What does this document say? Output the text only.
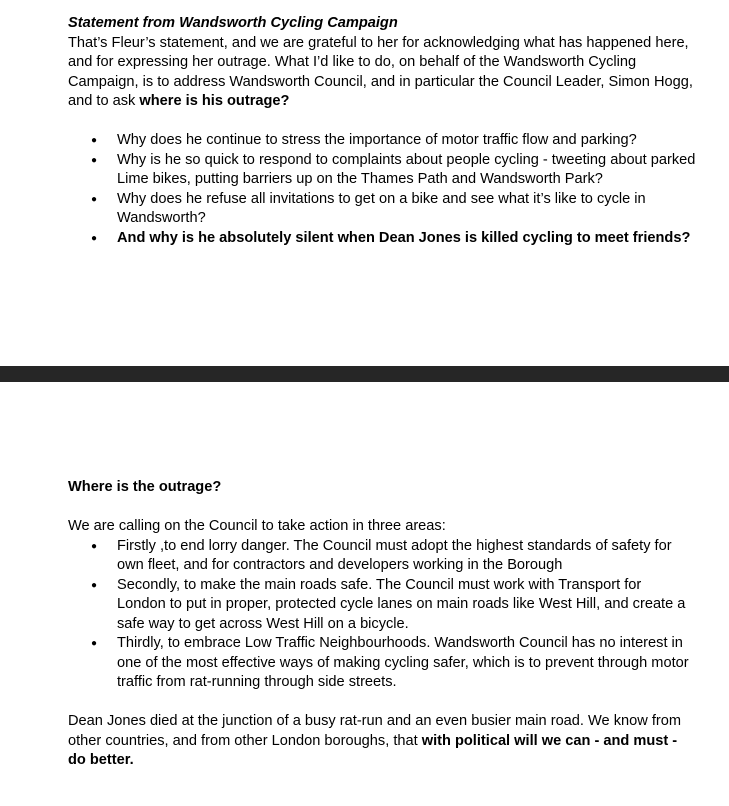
Statement from Wandsworth Cycling Campaign

That’s Fleur’s statement, and we are grateful to her for acknowledging what has happened here, and for expressing her outrage. What I’d like to do, on behalf of the Wandsworth Cycling Campaign, is to address Wandsworth Council, and in particular the Council Leader, Simon Hogg, and to ask where is his outrage?

● Why does he continue to stress the importance of motor traffic flow and parking?
● Why is he so quick to respond to complaints about people cycling - tweeting about parked Lime bikes, putting barriers up on the Thames Path and Wandsworth Park?
● Why does he refuse all invitations to get on a bike and see what it’s like to cycle in Wandsworth?
● And why is he absolutely silent when Dean Jones is killed cycling to meet friends?

Where is the outrage?

We are calling on the Council to take action in three areas:

● Firstly ,to end lorry danger. The Council must adopt the highest standards of safety for own fleet, and for contractors and developers working in the Borough
● Secondly, to make the main roads safe. The Council must work with Transport for London to put in proper, protected cycle lanes on main roads like West Hill, and create a safe way to get across West Hill on a bicycle.
● Thirdly, to embrace Low Traffic Neighbourhoods. Wandsworth Council has no interest in one of the most effective ways of making cycling safer, which is to prevent through motor traffic from rat-running through side streets.

Dean Jones died at the junction of a busy rat-run and an even busier main road. We know from other countries, and from other London boroughs, that with political will we can - and must - do better.
